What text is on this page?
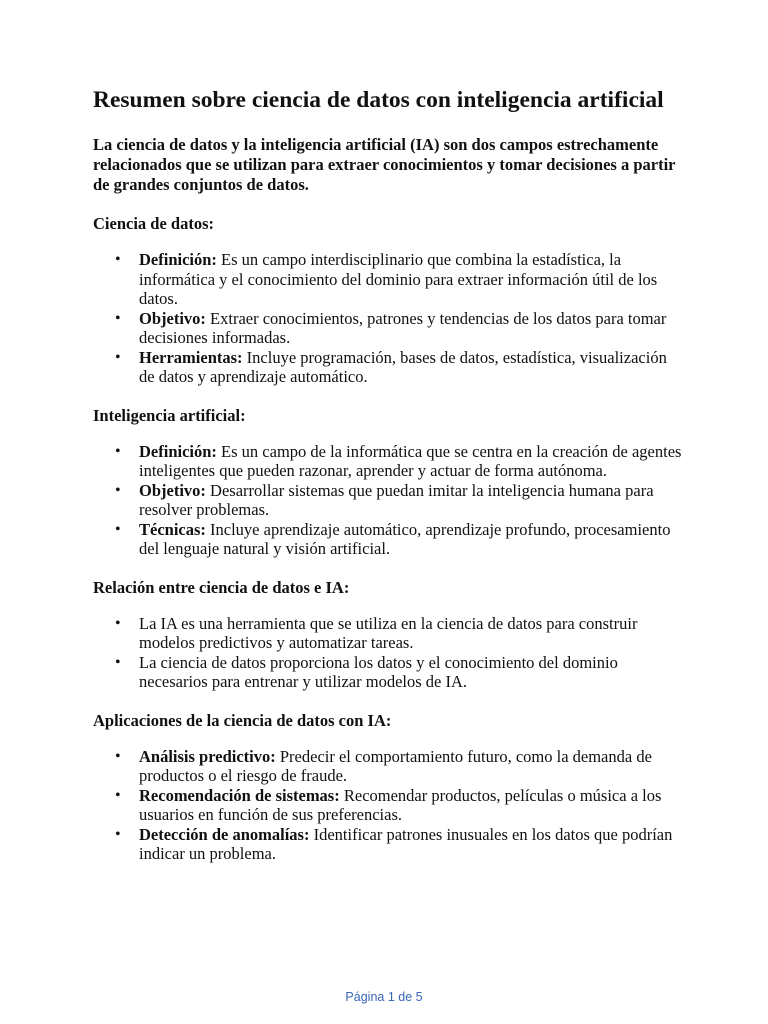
Resumen sobre ciencia de datos con inteligencia artificial

La ciencia de datos y la inteligencia artificial (IA) son dos campos estrechamente relacionados que se utilizan para extraer conocimientos y tomar decisiones a partir de grandes conjuntos de datos.

Ciencia de datos:

• Definición: Es un campo interdisciplinario que combina la estadística, la informática y el conocimiento del dominio para extraer información útil de los datos.
• Objetivo: Extraer conocimientos, patrones y tendencias de los datos para tomar decisiones informadas.
• Herramientas: Incluye programación, bases de datos, estadística, visualización de datos y aprendizaje automático.

Inteligencia artificial:

• Definición: Es un campo de la informática que se centra en la creación de agentes inteligentes que pueden razonar, aprender y actuar de forma autónoma.
• Objetivo: Desarrollar sistemas que puedan imitar la inteligencia humana para resolver problemas.
• Técnicas: Incluye aprendizaje automático, aprendizaje profundo, procesamiento del lenguaje natural y visión artificial.

Relación entre ciencia de datos e IA:

• La IA es una herramienta que se utiliza en la ciencia de datos para construir modelos predictivos y automatizar tareas.
• La ciencia de datos proporciona los datos y el conocimiento del dominio necesarios para entrenar y utilizar modelos de IA.

Aplicaciones de la ciencia de datos con IA:

• Análisis predictivo: Predecir el comportamiento futuro, como la demanda de productos o el riesgo de fraude.
• Recomendación de sistemas: Recomendar productos, películas o música a los usuarios en función de sus preferencias.
• Detección de anomalías: Identificar patrones inusuales en los datos que podrían indicar un problema.
Página 1 de 5
